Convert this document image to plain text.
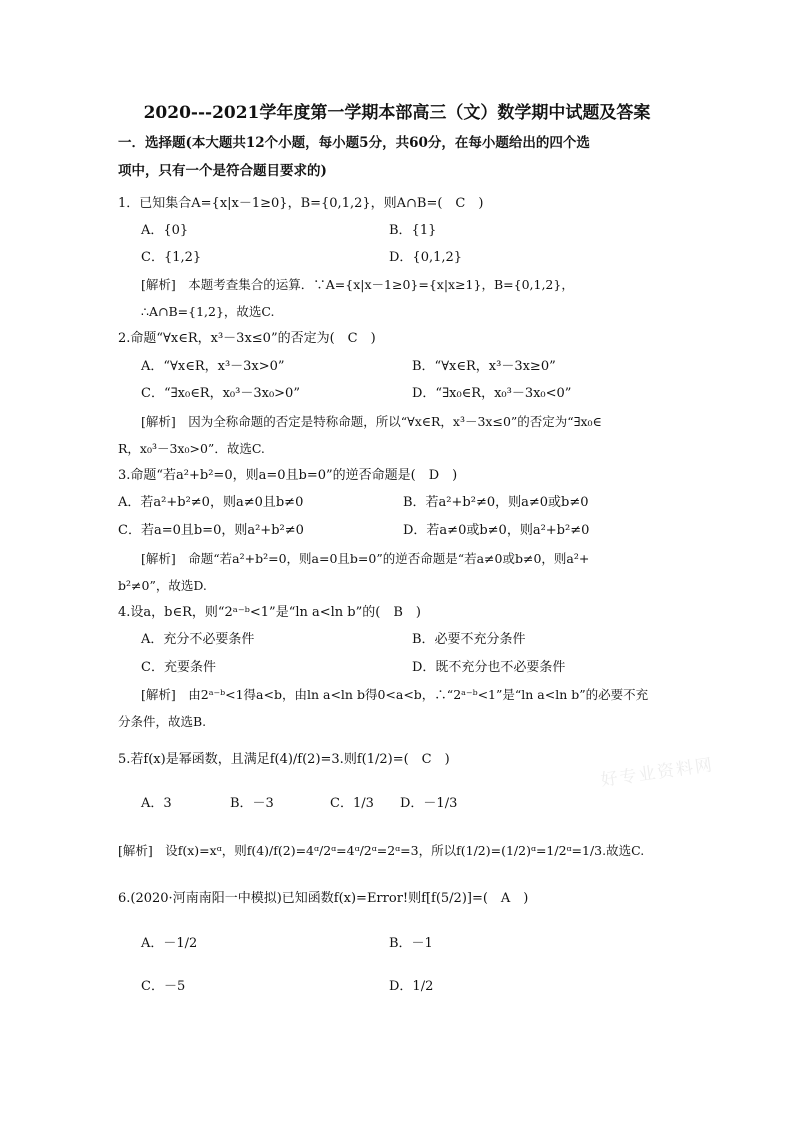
2020---2021学年度第一学期本部高三（文）数学期中试题及答案
一．选择题(本大题共12个小题，每小题5分，共60分，在每小题给出的四个选
项中，只有一个是符合题目要求的)
1．已知集合A={x|x－1≥0}，B={0,1,2}，则A∩B=(　C　)
A．{0}	B．{1}
C．{1,2}	D．{0,1,2}
[解析]　本题考查集合的运算．∵A={x|x－1≥0}={x|x≥1}，B={0,1,2}，
∴A∩B={1,2}，故选C.
2.命题“∀x∈R，x³－3x≤0”的否定为(　C　)
A．“∀x∈R，x³－3x>0”	B．“∀x∈R，x³－3x≥0”
C．“∃x₀∈R，x₀³－3x₀>0”	D．“∃x₀∈R，x₀³－3x₀<0”
[解析]　因为全称命题的否定是特称命题，所以“∀x∈R，x³－3x≤0”的否定为“∃x₀∈
R，x₀³－3x₀>0”．故选C.
3.命题“若a²+b²=0，则a=0且b=0”的逆否命题是(　D　)
A．若a²+b²≠0，则a≠0且b≠0	B．若a²+b²≠0，则a≠0或b≠0
C．若a=0且b=0，则a²+b²≠0	D．若a≠0或b≠0，则a²+b²≠0
[解析]　命题“若a²+b²=0，则a=0且b=0”的逆否命题是“若a≠0或b≠0，则a²+
b²≠0”，故选D.
4.设a，b∈R，则“2ᵃ⁻ᵇ<1”是“ln a<ln b”的(　B　)
A．充分不必要条件	B．必要不充分条件
C．充要条件	D．既不充分也不必要条件
[解析]　由2ᵃ⁻ᵇ<1得a<b，由ln a<ln b得0<a<b，∴“2ᵃ⁻ᵇ<1”是“ln a<ln b”的必要不充
分条件，故选B.
5.若f(x)是幂函数，且满足f(4)/f(2)=3.则f(1/2)=(　C　)
A．3	B．－3	C．1/3 D．－1/3
[解析]　设f(x)=xᵅ，则f(4)/f(2)=4ᵅ/2ᵅ=4ᵅ/2ᵅ=2ᵅ=3，所以f(1/2)=(1/2)ᵅ=1/2ᵅ=1/3.故选C.
6.(2020·河南南阳一中模拟)已知函数f(x)=Error!则f[f(5/2)]=(　A　)
A．－1/2	B．－1
C．－5	D．1/2
好专业资料网
